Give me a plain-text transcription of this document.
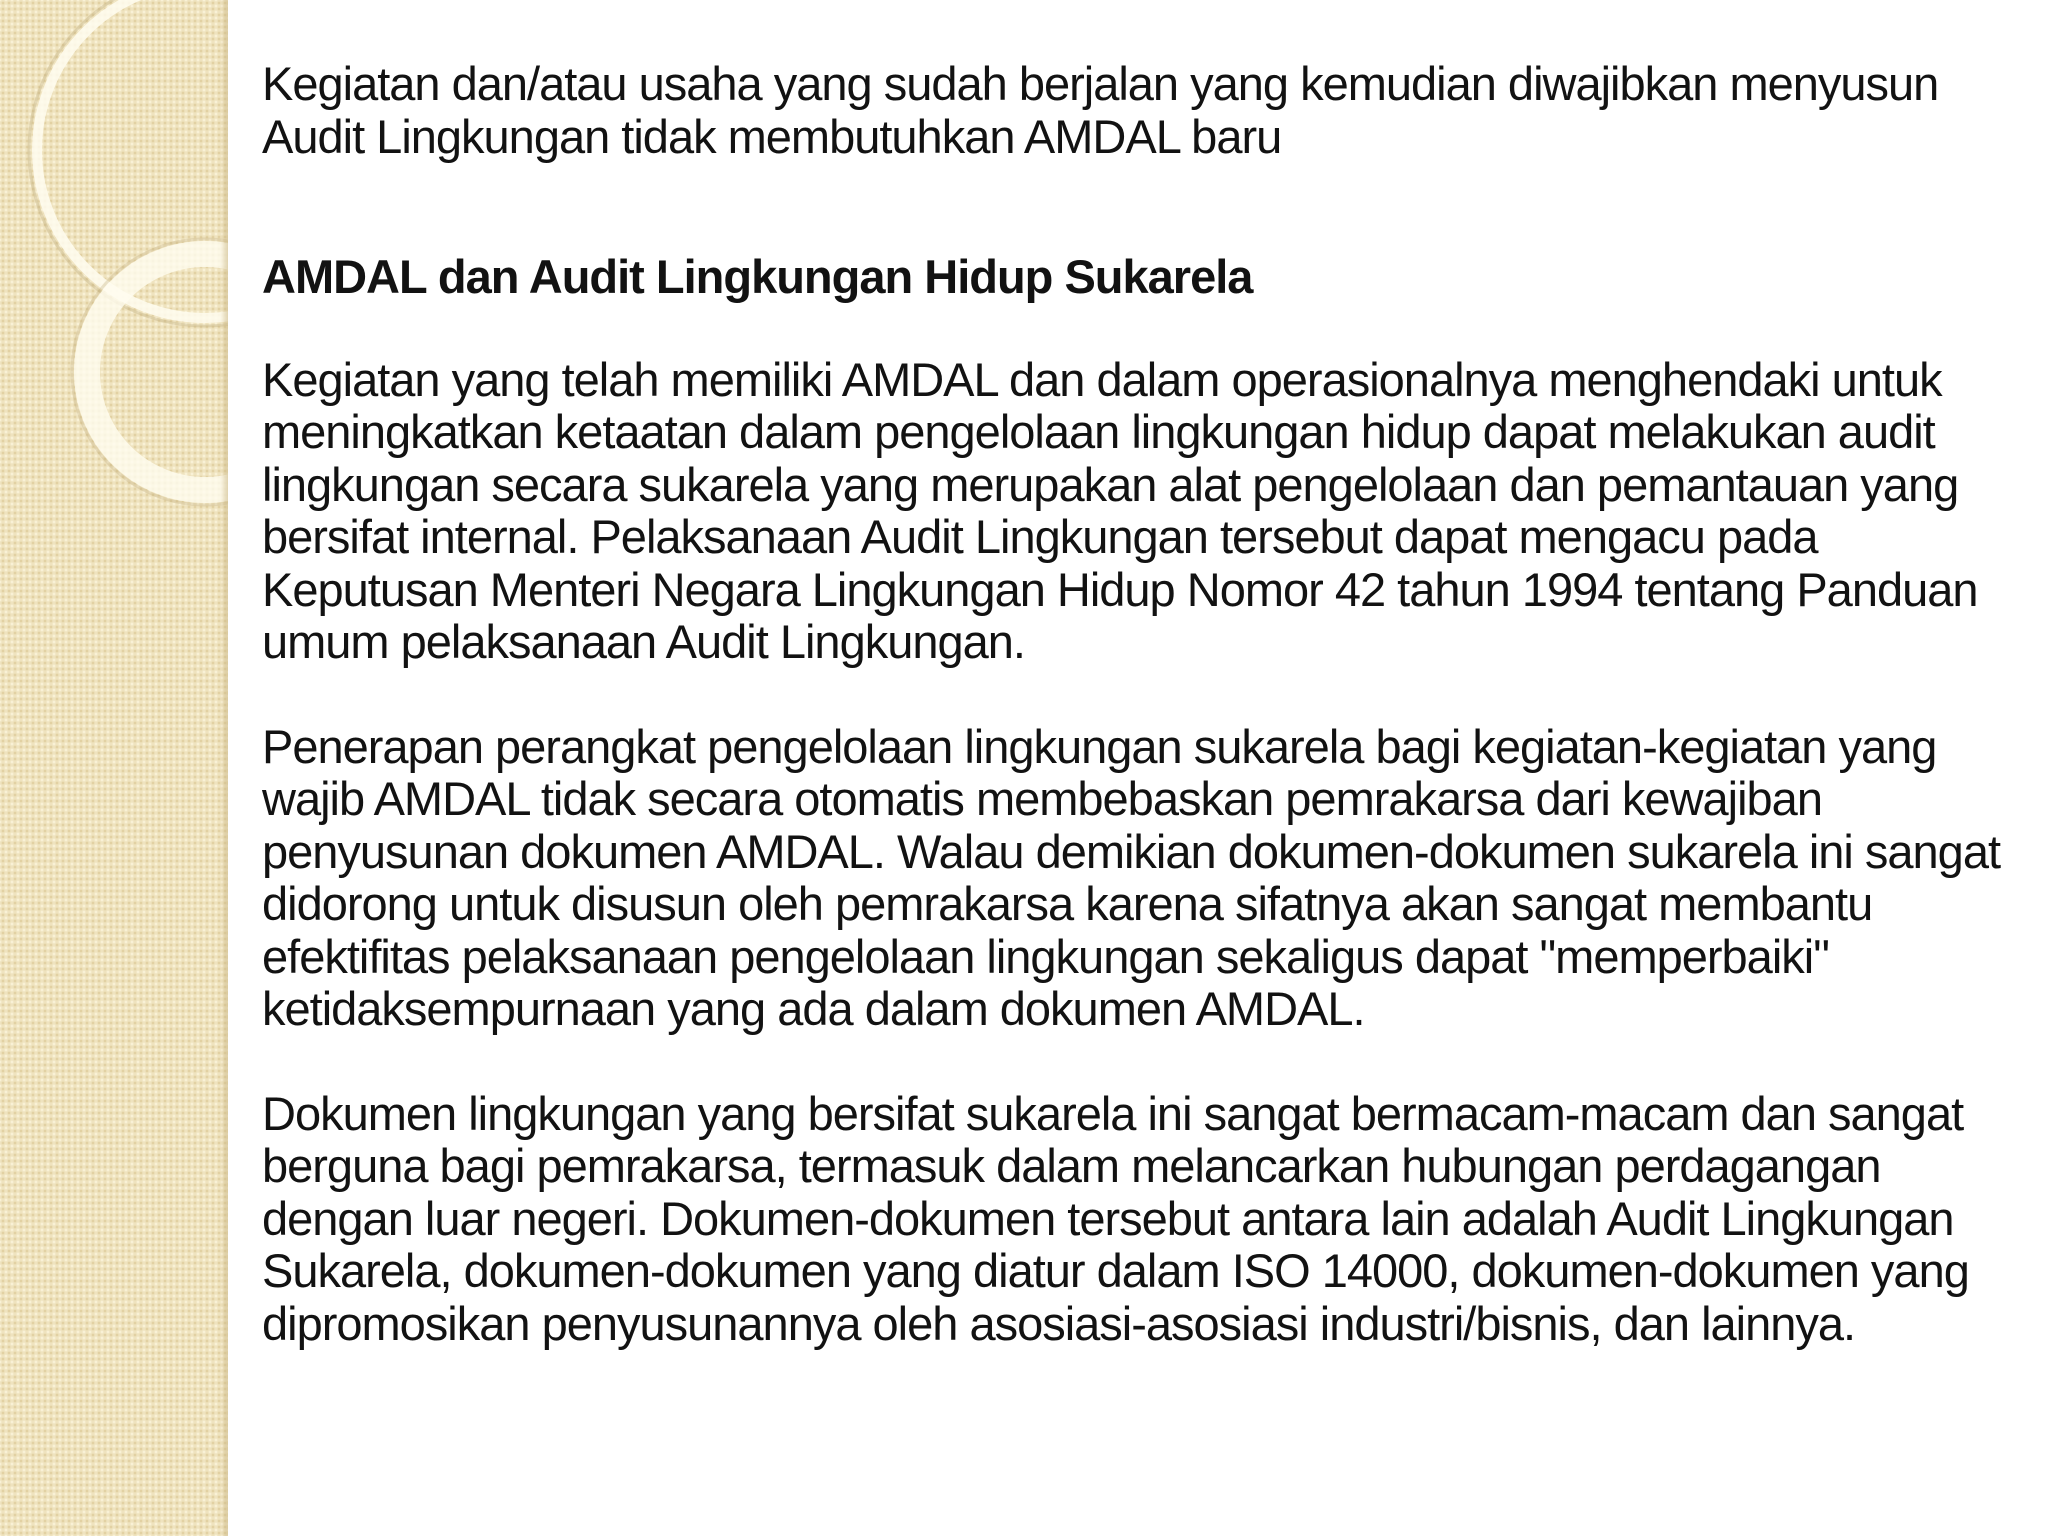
Kegiatan dan/atau usaha yang sudah berjalan yang kemudian diwajibkan menyusun Audit Lingkungan tidak membutuhkan AMDAL baru

AMDAL dan Audit Lingkungan Hidup Sukarela

Kegiatan yang telah memiliki AMDAL dan dalam operasionalnya menghendaki untuk meningkatkan ketaatan dalam pengelolaan lingkungan hidup dapat melakukan audit lingkungan secara sukarela yang merupakan alat pengelolaan dan pemantauan yang bersifat internal. Pelaksanaan Audit Lingkungan tersebut dapat mengacu pada Keputusan Menteri Negara Lingkungan Hidup Nomor 42 tahun 1994 tentang Panduan umum pelaksanaan Audit Lingkungan.

Penerapan perangkat pengelolaan lingkungan sukarela bagi kegiatan-kegiatan yang wajib AMDAL tidak secara otomatis membebaskan pemrakarsa dari kewajiban penyusunan dokumen AMDAL. Walau demikian dokumen-dokumen sukarela ini sangat didorong untuk disusun oleh pemrakarsa karena sifatnya akan sangat membantu efektifitas pelaksanaan pengelolaan lingkungan sekaligus dapat "memperbaiki" ketidaksempurnaan yang ada dalam dokumen AMDAL.

Dokumen lingkungan yang bersifat sukarela ini sangat bermacam-macam dan sangat berguna bagi pemrakarsa, termasuk dalam melancarkan hubungan perdagangan dengan luar negeri. Dokumen-dokumen tersebut antara lain adalah Audit Lingkungan Sukarela, dokumen-dokumen yang diatur dalam ISO 14000, dokumen-dokumen yang dipromosikan penyusunannya oleh asosiasi-asosiasi industri/bisnis, dan lainnya.
